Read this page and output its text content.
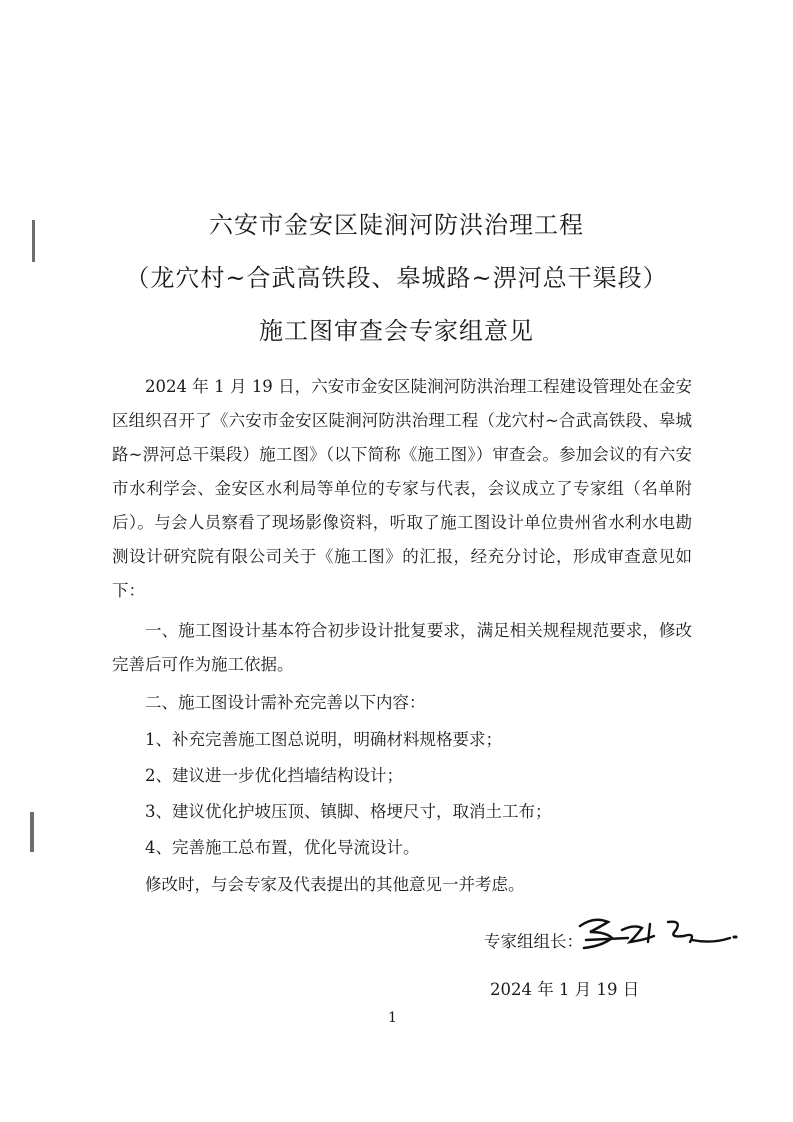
六安市金安区陡涧河防洪治理工程
（龙穴村~合武高铁段、皋城路~淠河总干渠段）
施工图审查会专家组意见

2024 年 1 月 19 日，六安市金安区陡涧河防洪治理工程建设管理处在金安区组织召开了《六安市金安区陡涧河防洪治理工程（龙穴村~合武高铁段、皋城路~淠河总干渠段）施工图》（以下简称《施工图》）审查会。参加会议的有六安市水利学会、金安区水利局等单位的专家与代表，会议成立了专家组（名单附后）。与会人员察看了现场影像资料，听取了施工图设计单位贵州省水利水电勘测设计研究院有限公司关于《施工图》的汇报，经充分讨论，形成审查意见如下：

一、施工图设计基本符合初步设计批复要求，满足相关规程规范要求，修改完善后可作为施工依据。

二、施工图设计需补充完善以下内容：
1、补充完善施工图总说明，明确材料规格要求；
2、建议进一步优化挡墙结构设计；
3、建议优化护坡压顶、镇脚、格埂尺寸，取消土工布；
4、完善施工总布置，优化导流设计。
修改时，与会专家及代表提出的其他意见一并考虑。
专家组组长：
2024 年 1 月 19 日
1
